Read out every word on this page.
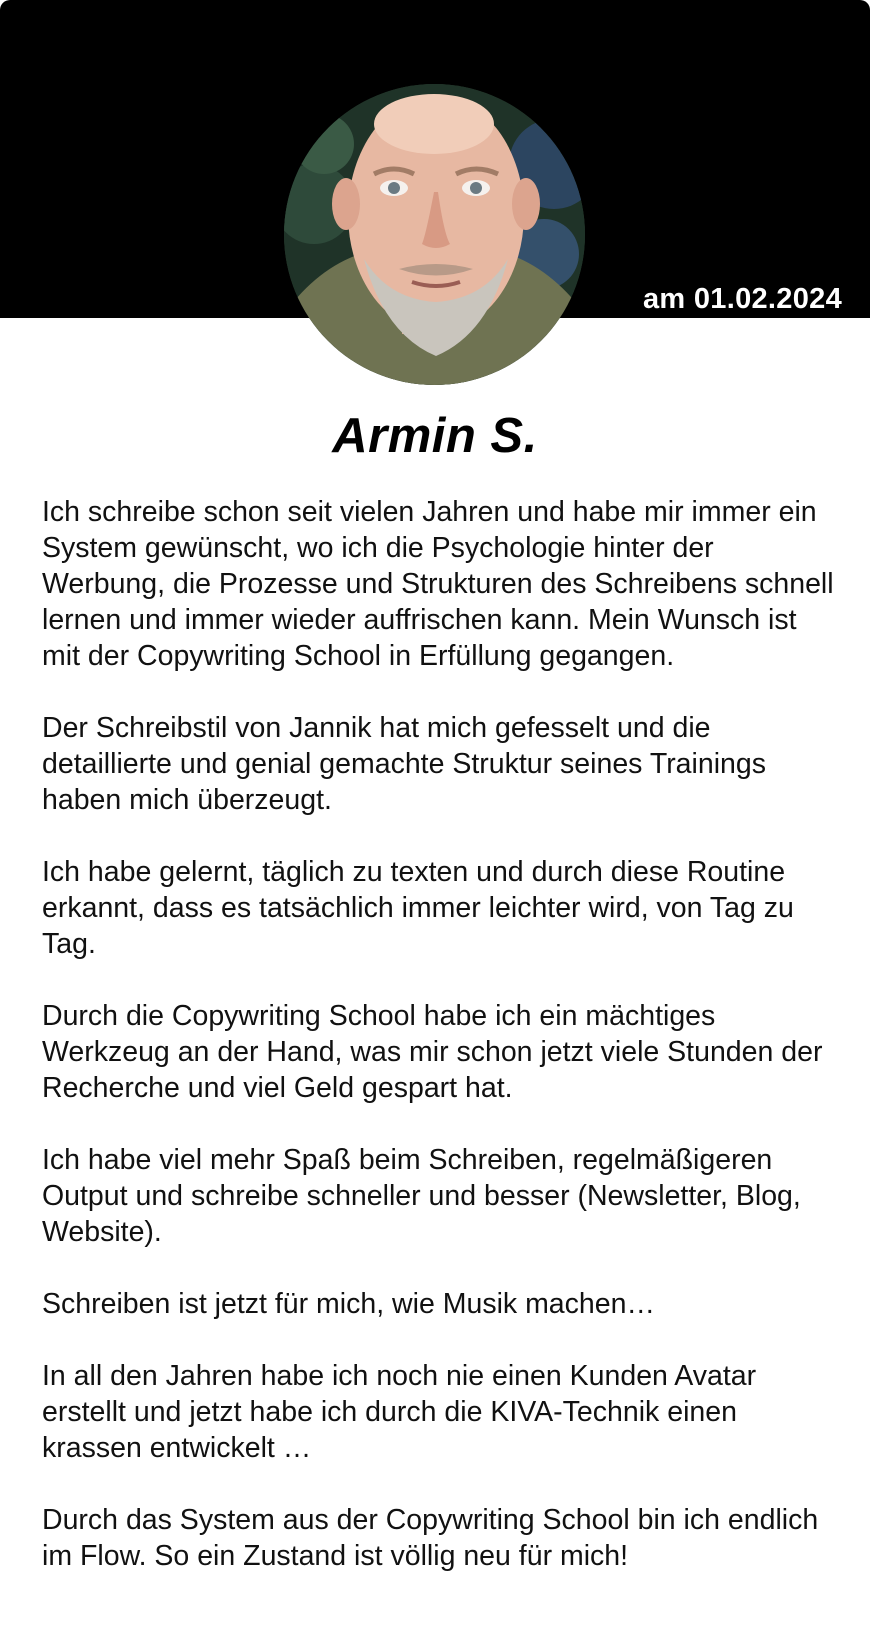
am 01.02.2024
Armin S.

Ich schreibe schon seit vielen Jahren und habe mir immer ein System gewünscht, wo ich die Psychologie hinter der Werbung, die Prozesse und Strukturen des Schreibens schnell lernen und immer wieder auffrischen kann. Mein Wunsch ist mit der Copywriting School in Erfüllung gegangen.

Der Schreibstil von Jannik hat mich gefesselt und die detaillierte und genial gemachte Struktur seines Trainings haben mich überzeugt.

Ich habe gelernt, täglich zu texten und durch diese Routine erkannt, dass es tatsächlich immer leichter wird, von Tag zu Tag.

Durch die Copywriting School habe ich ein mächtiges Werkzeug an der Hand, was mir schon jetzt viele Stunden der Recherche und viel Geld gespart hat.

Ich habe viel mehr Spaß beim Schreiben, regelmäßigeren Output und schreibe schneller und besser (Newsletter, Blog, Website).

Schreiben ist jetzt für mich, wie Musik machen…

In all den Jahren habe ich noch nie einen Kunden Avatar erstellt und jetzt habe ich durch die KIVA-Technik einen krassen entwickelt …

Durch das System aus der Copywriting School bin ich endlich im Flow. So ein Zustand ist völlig neu für mich!
